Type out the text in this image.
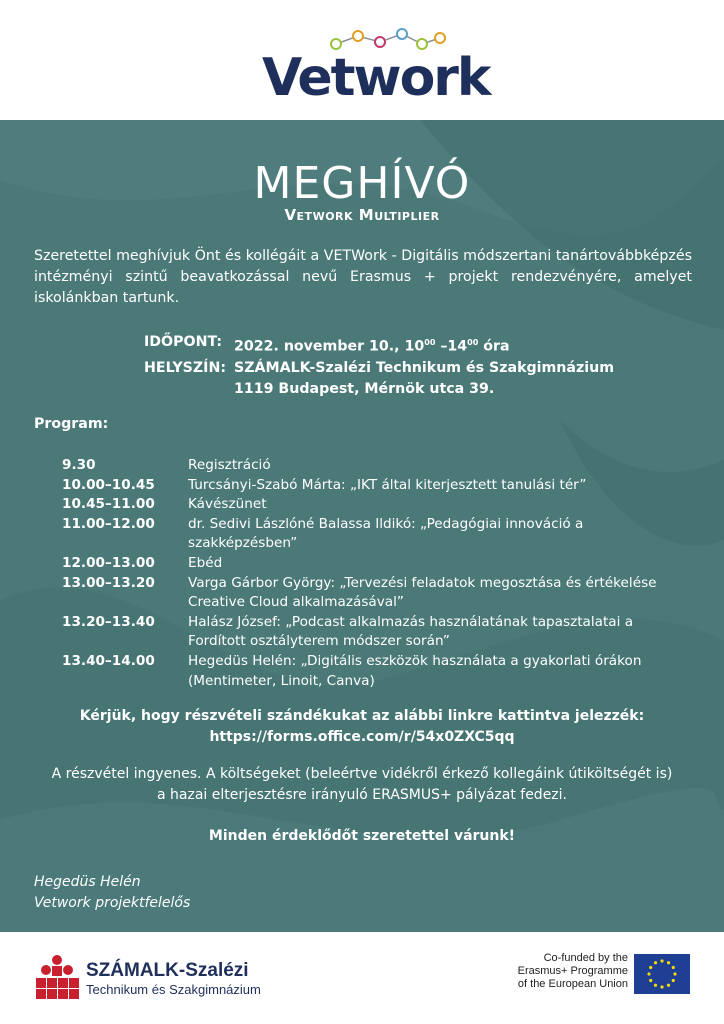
Vetwork
MEGHÍVÓ
Vetwork Multiplier

Szeretettel meghívjuk Önt és kollégáit a VETWork - Digitális módszertani tanártovábbképzés intézményi szintű beavatkozással nevű Erasmus + projekt rendezvényére, amelyet iskolánkban tartunk.

IDŐPONT: 2022. november 10., $10^{00}$ $-14^{00}$ óra
HELYSZÍN: SZÁMALK-Szalézi Technikum és Szakgimnázium
1119 Budapest, Mérnök utca 39.
Program:
9.30	Regisztráció
10.00–10.45	Turcsányi-Szabó Márta: „IKT által kiterjesztett tanulási tér”
10.45–11.00	Kávészünet
11.00–12.00	dr. Sedivi Lászlóné Balassa Ildikó: „Pedagógiai innováció a szakképzésben”
12.00–13.00	Ebéd
13.00–13.20	Varga Gárbor György: „Tervezési feladatok megosztása és értékelése Creative Cloud alkalmazásával”
13.20–13.40	Halász József: „Podcast alkalmazás használatának tapasztalatai a Fordított osztályterem módszer során”
13.40–14.00	Hegedüs Helén: „Digitális eszközök használata a gyakorlati órákon (Mentimeter, Linoit, Canva)
Kérjük, hogy részvételi szándékukat az alábbi linkre kattintva jelezzék:
https://forms.office.com/r/54x0ZXC5qq
A részvétel ingyenes. A költségeket (beleértve vidékről érkező kollegáink útiköltségét is)
a hazai elterjesztésre irányuló ERASMUS+ pályázat fedezi.
Minden érdeklődőt szeretettel várunk!
Hegedüs Helén
Vetwork projektfelelős
SZÁMALK-Szalézi
Technikum és Szakgimnázium
Co-funded by the
Erasmus+ Programme
of the European Union
